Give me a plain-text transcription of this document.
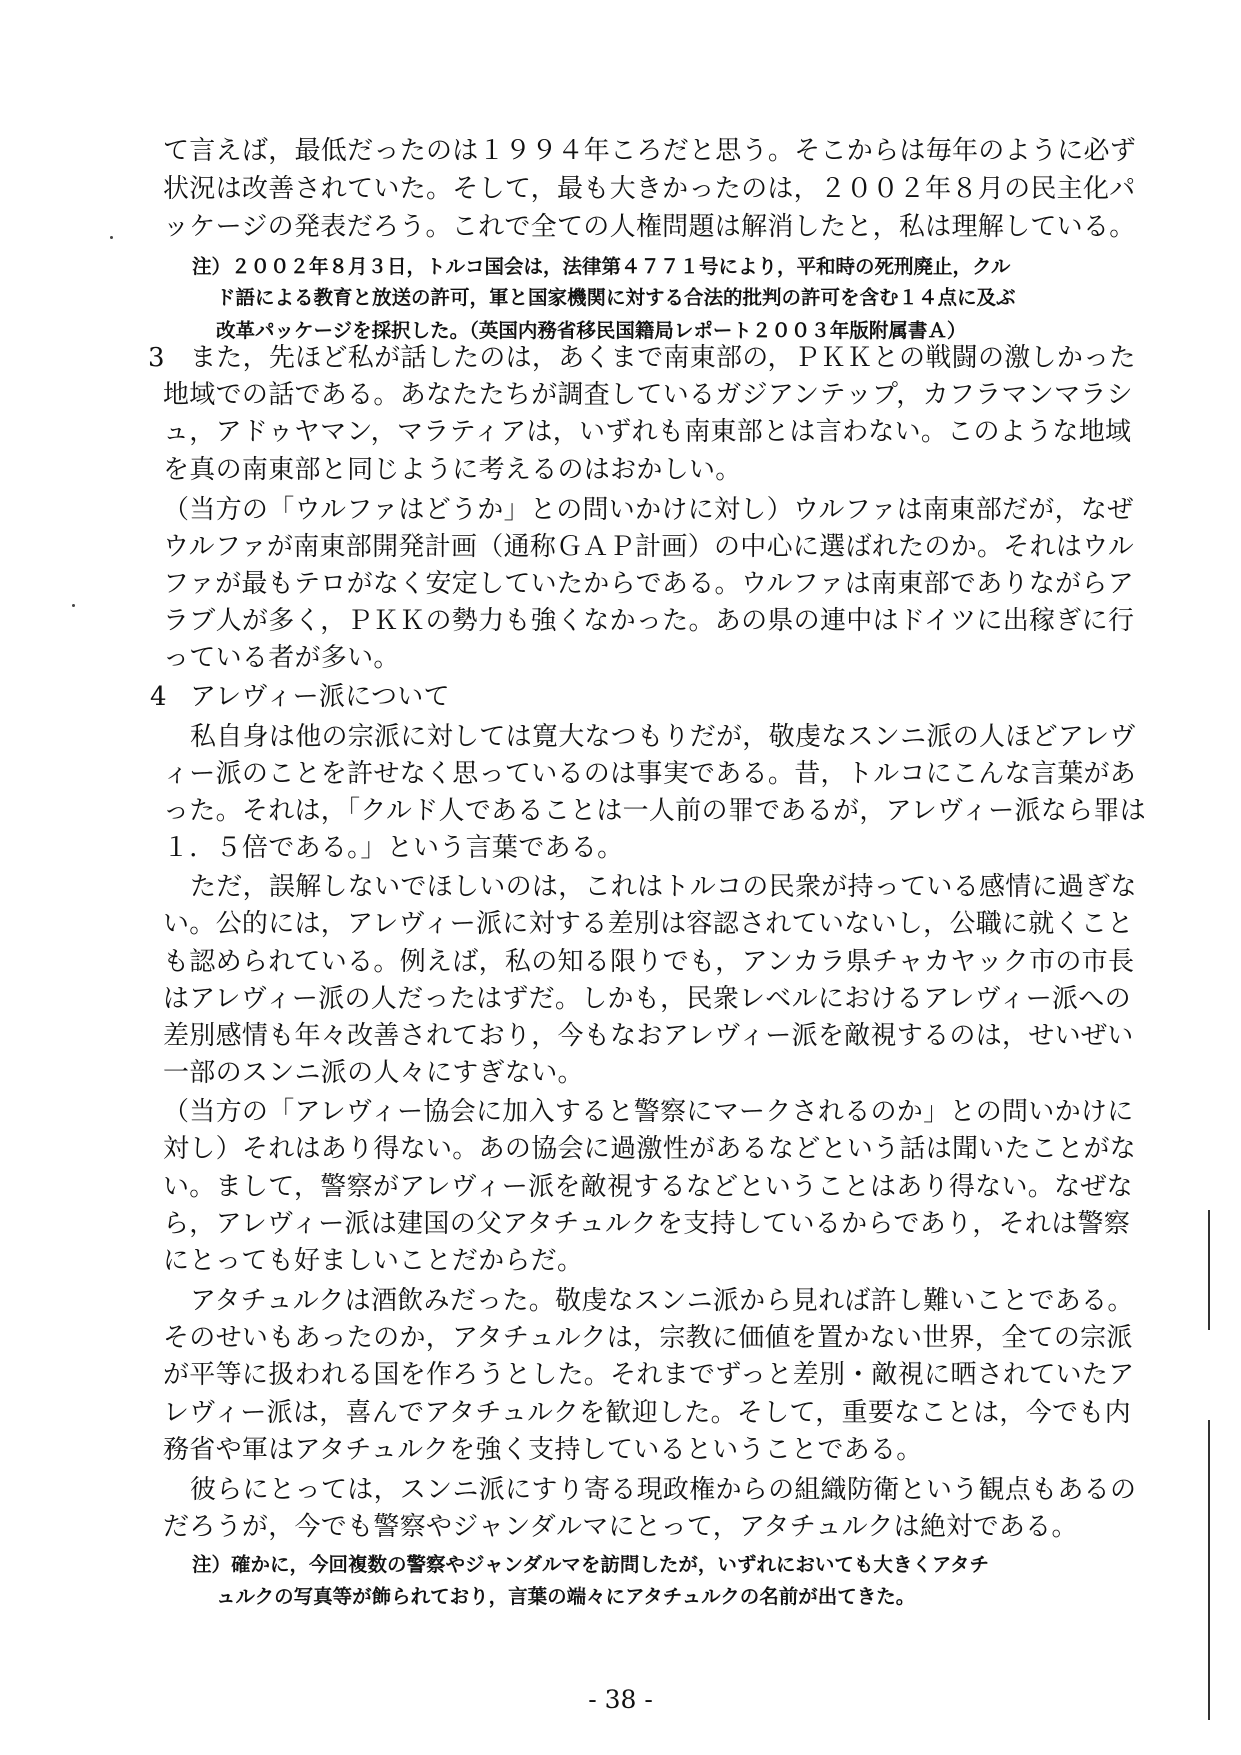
て言えば，最低だったのは１９９４年ころだと思う。そこからは毎年のように必ず
状況は改善されていた。そして，最も大きかったのは，２００２年８月の民主化パ
ッケージの発表だろう。これで全ての人権問題は解消したと，私は理解している。
注）２００２年８月３日，トルコ国会は，法律第４７７１号により，平和時の死刑廃止，クル
ド語による教育と放送の許可，軍と国家機関に対する合法的批判の許可を含む１４点に及ぶ
改革パッケージを採択した。（英国内務省移民国籍局レポート２００３年版附属書Ａ）
3 また，先ほど私が話したのは，あくまで南東部の，ＰＫＫとの戦闘の激しかった
地域での話である。あなたたちが調査しているガジアンテップ，カフラマンマラシ
ュ，アドゥヤマン，マラティアは，いずれも南東部とは言わない。このような地域
を真の南東部と同じように考えるのはおかしい。
（当方の「ウルファはどうか」との問いかけに対し）ウルファは南東部だが，なぜ
ウルファが南東部開発計画（通称ＧＡＰ計画）の中心に選ばれたのか。それはウル
ファが最もテロがなく安定していたからである。ウルファは南東部でありながらア
ラブ人が多く，ＰＫＫの勢力も強くなかった。あの県の連中はドイツに出稼ぎに行
っている者が多い。
4 アレヴィー派について
私自身は他の宗派に対しては寛大なつもりだが，敬虔なスンニ派の人ほどアレヴ
ィー派のことを許せなく思っているのは事実である。昔，トルコにこんな言葉があ
った。それは，「クルド人であることは一人前の罪であるが，アレヴィー派なら罪は
１．５倍である。」という言葉である。
ただ，誤解しないでほしいのは，これはトルコの民衆が持っている感情に過ぎな
い。公的には，アレヴィー派に対する差別は容認されていないし，公職に就くこと
も認められている。例えば，私の知る限りでも，アンカラ県チャカヤック市の市長
はアレヴィー派の人だったはずだ。しかも，民衆レベルにおけるアレヴィー派への
差別感情も年々改善されており，今もなおアレヴィー派を敵視するのは，せいぜい
一部のスンニ派の人々にすぎない。
（当方の「アレヴィー協会に加入すると警察にマークされるのか」との問いかけに
対し）それはあり得ない。あの協会に過激性があるなどという話は聞いたことがな
い。まして，警察がアレヴィー派を敵視するなどということはあり得ない。なぜな
ら，アレヴィー派は建国の父アタチュルクを支持しているからであり，それは警察
にとっても好ましいことだからだ。
アタチュルクは酒飲みだった。敬虔なスンニ派から見れば許し難いことである。
そのせいもあったのか，アタチュルクは，宗教に価値を置かない世界，全ての宗派
が平等に扱われる国を作ろうとした。それまでずっと差別・敵視に晒されていたア
レヴィー派は，喜んでアタチュルクを歓迎した。そして，重要なことは，今でも内
務省や軍はアタチュルクを強く支持しているということである。
- 38 -
彼らにとっては，スンニ派にすり寄る現政権からの組織防衛という観点もあるの
だろうが，今でも警察やジャンダルマにとって，アタチュルクは絶対である。
注）確かに，今回複数の警察やジャンダルマを訪問したが，いずれにおいても大きくアタチ
ュルクの写真等が飾られており，言葉の端々にアタチュルクの名前が出てきた。
